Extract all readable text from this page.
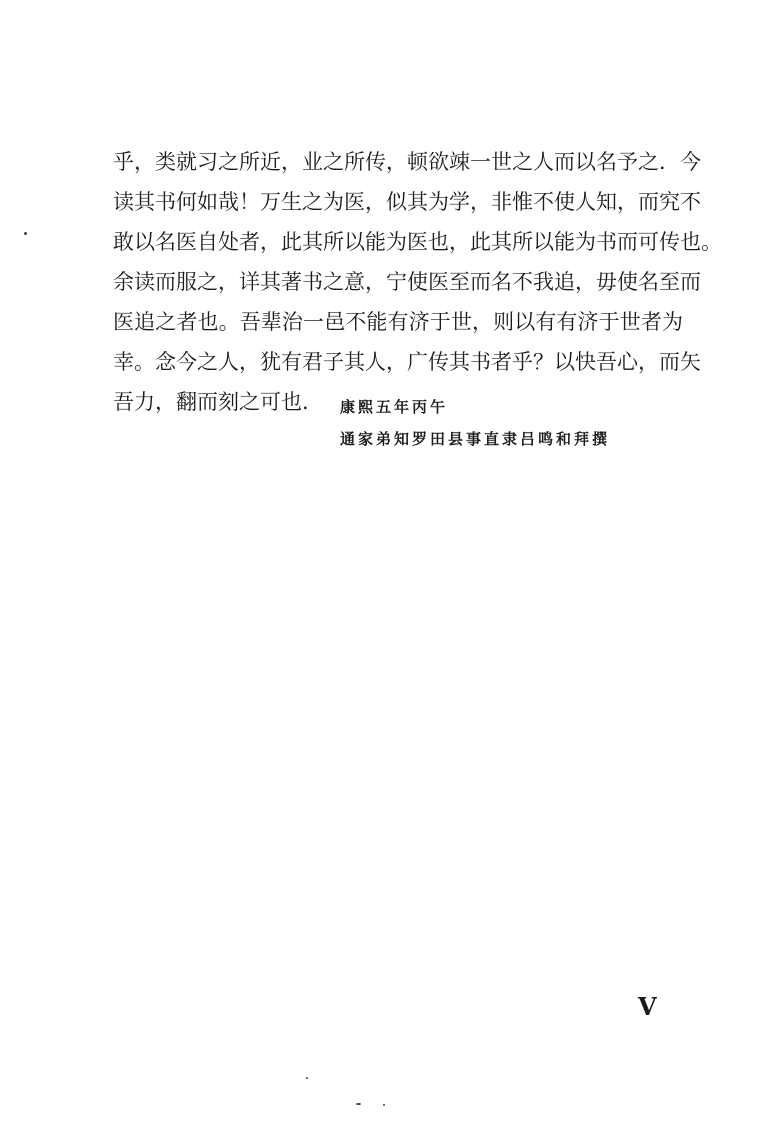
乎，类就习之所近，业之所传，顿欲竦一世之人而以名予之．今
读其书何如哉！万生之为医，似其为学，非惟不使人知，而究不
敢以名医自处者，此其所以能为医也，此其所以能为书而可传也。
余读而服之，详其著书之意，宁使医至而名不我追，毋使名至而
医追之者也。吾辈治一邑不能有济于世，则以有有济于世者为
幸。念今之人，犹有君子其人，广传其书者乎？以快吾心，而矢
吾力，翻而刻之可也.	康熙五年丙午
通家弟知罗田县事直隶吕鸣和拜撰
V
